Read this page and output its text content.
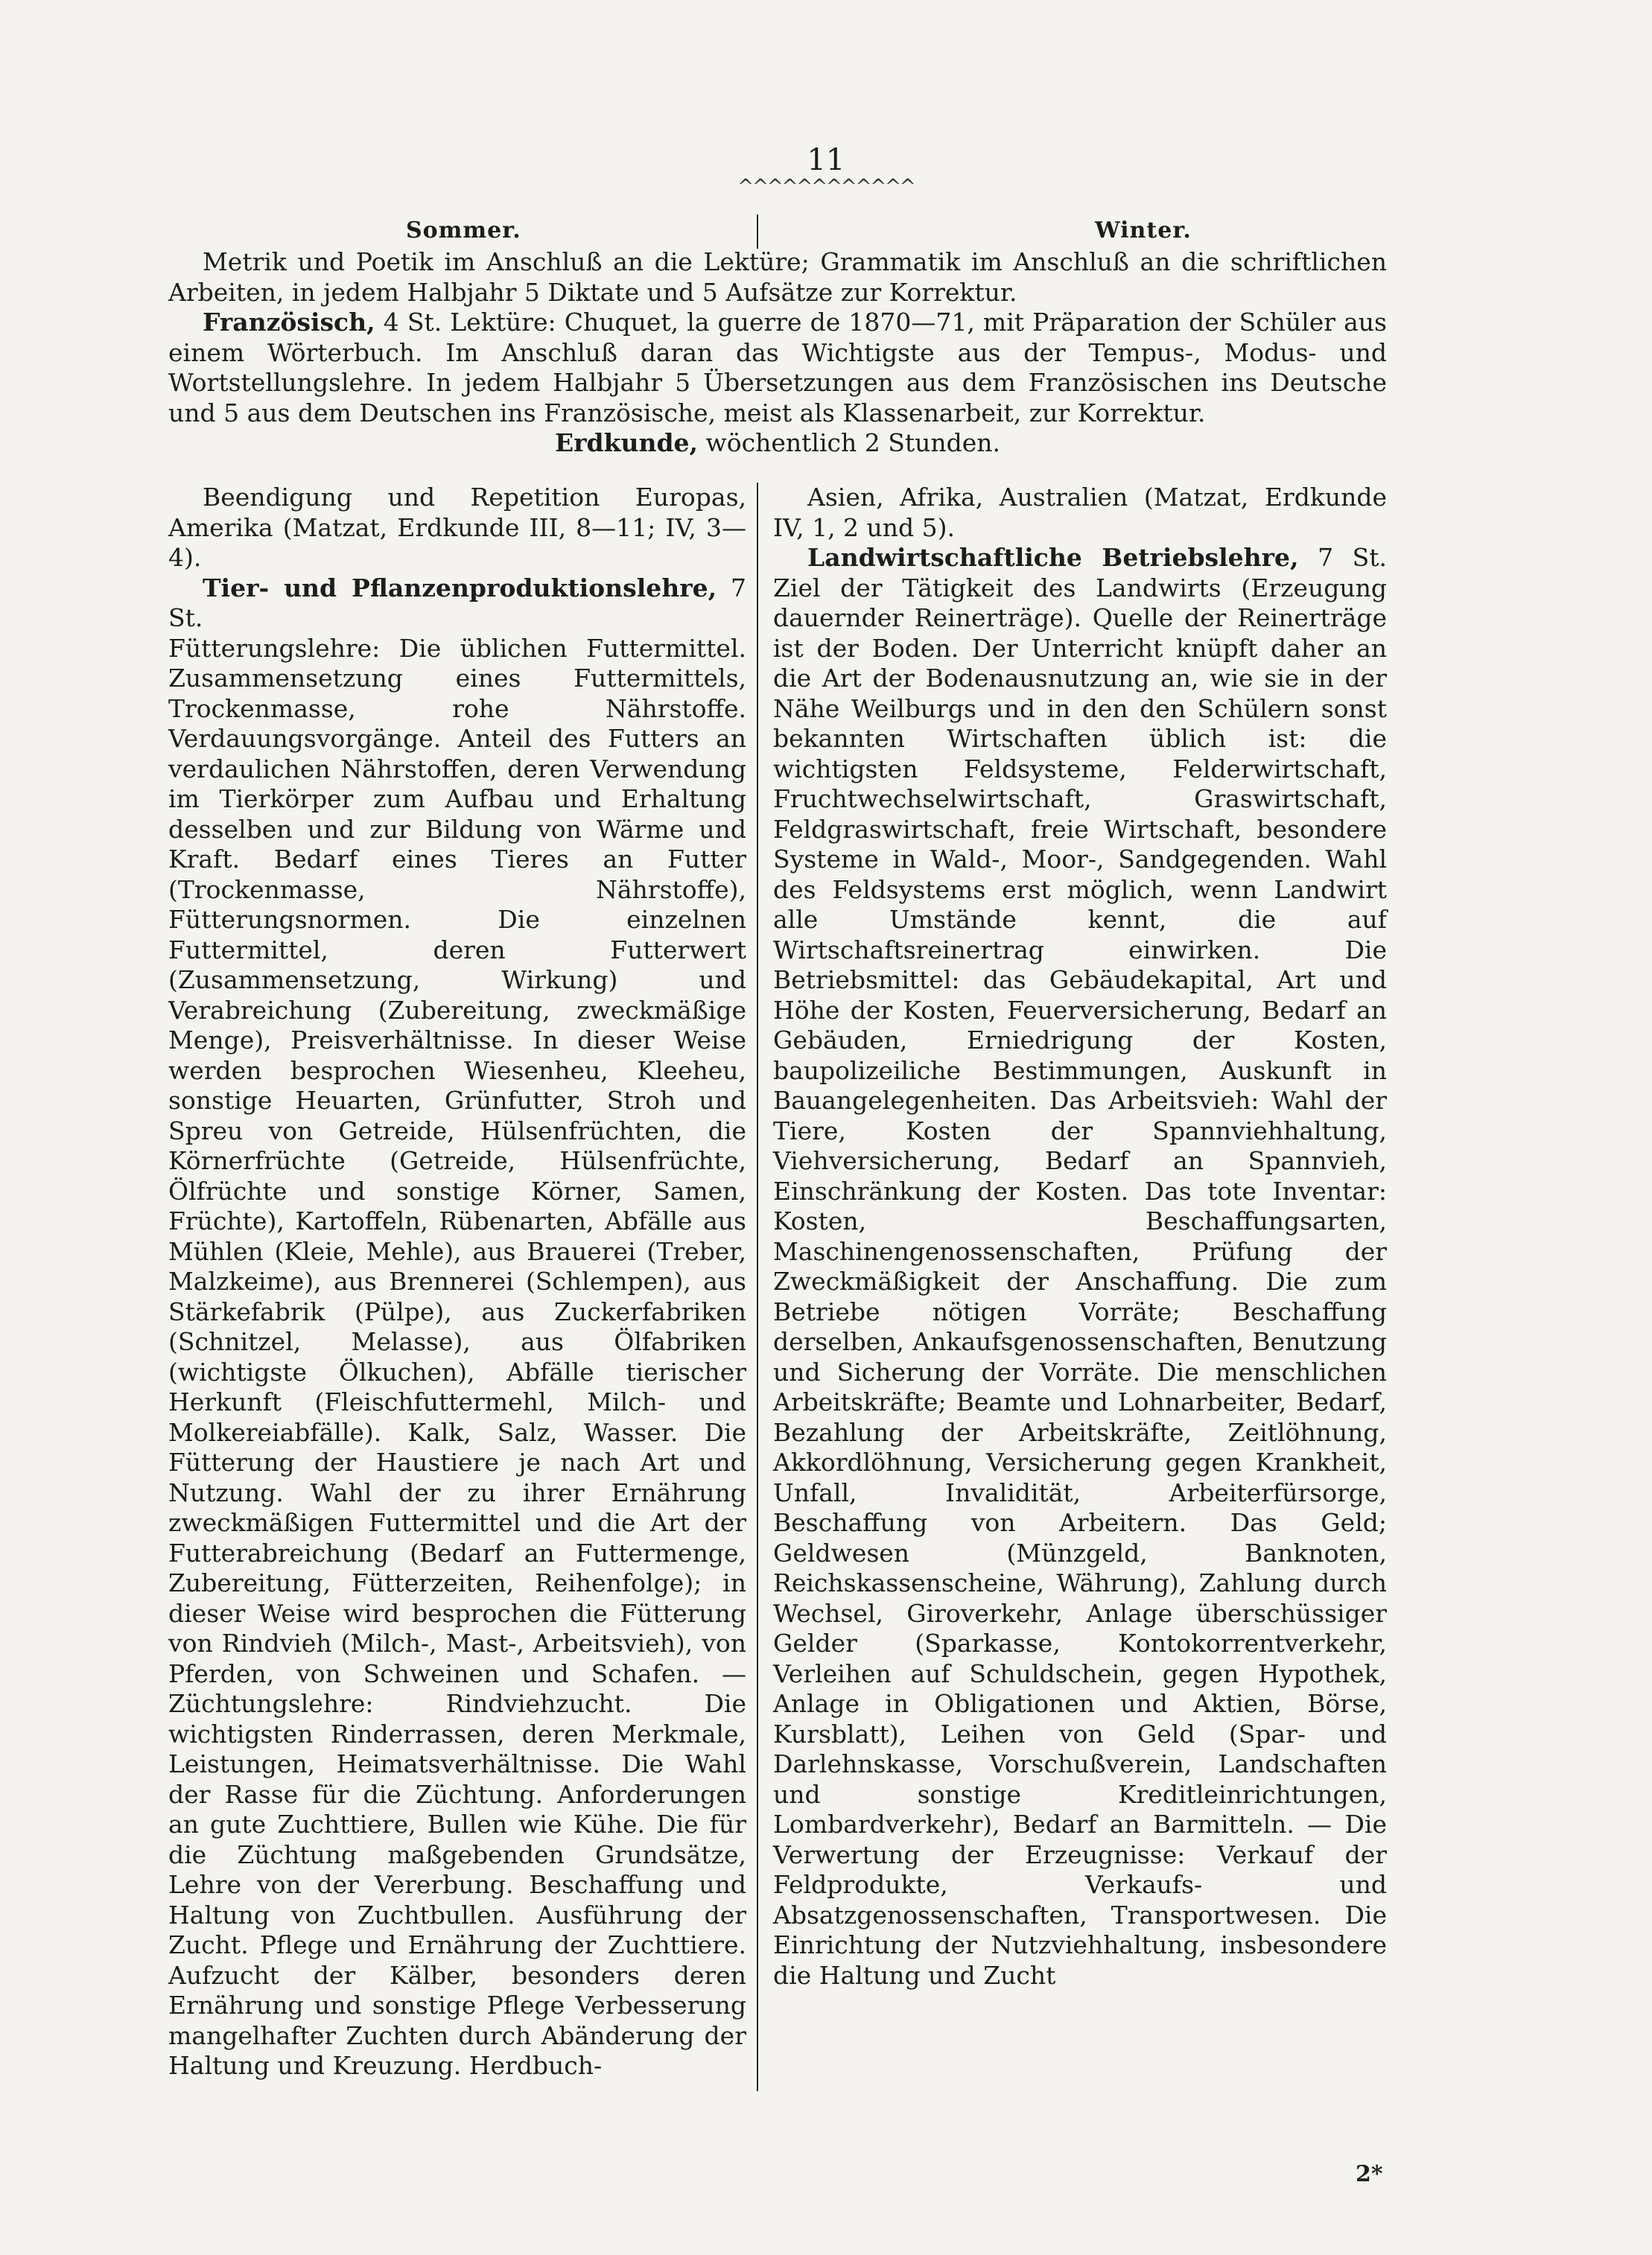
11
^^^^^^^^^^^^
Sommer.	Winter.

Metrik und Poetik im Anschluß an die Lektüre; Grammatik im Anschluß an die schriftlichen Arbeiten, in jedem Halbjahr 5 Diktate und 5 Aufsätze zur Korrektur.

Französisch, 4 St. Lektüre: Chuquet, la guerre de 1870—71, mit Präparation der Schüler aus einem Wörterbuch. Im Anschluß daran das Wichtigste aus der Tempus-, Modus- und Wortstellungslehre. In jedem Halbjahr 5 Übersetzungen aus dem Französischen ins Deutsche und 5 aus dem Deutschen ins Französische, meist als Klassenarbeit, zur Korrektur.

Erdkunde, wöchentlich 2 Stunden.

Beendigung und Repetition Europas, Amerika (Matzat, Erdkunde III, 8—11; IV, 3—4).

Tier- und Pflanzenproduktionslehre, 7 St.

Fütterungslehre: Die üblichen Futtermittel. Zusammensetzung eines Futtermittels, Trockenmasse, rohe Nährstoffe. Verdauungsvorgänge. Anteil des Futters an verdaulichen Nährstoffen, deren Verwendung im Tierkörper zum Aufbau und Erhaltung desselben und zur Bildung von Wärme und Kraft. Bedarf eines Tieres an Futter (Trockenmasse, Nährstoffe), Fütterungsnormen. Die einzelnen Futtermittel, deren Futterwert (Zusammensetzung, Wirkung) und Verabreichung (Zubereitung, zweckmäßige Menge), Preisverhältnisse. In dieser Weise werden besprochen Wiesenheu, Kleeheu, sonstige Heuarten, Grünfutter, Stroh und Spreu von Getreide, Hülsenfrüchten, die Körnerfrüchte (Getreide, Hülsenfrüchte, Ölfrüchte und sonstige Körner, Samen, Früchte), Kartoffeln, Rübenarten, Abfälle aus Mühlen (Kleie, Mehle), aus Brauerei (Treber, Malzkeime), aus Brennerei (Schlempen), aus Stärkefabrik (Pülpe), aus Zuckerfabriken (Schnitzel, Melasse), aus Ölfabriken (wichtigste Ölkuchen), Abfälle tierischer Herkunft (Fleischfuttermehl, Milch- und Molkereiabfälle). Kalk, Salz, Wasser. Die Fütterung der Haustiere je nach Art und Nutzung. Wahl der zu ihrer Ernährung zweckmäßigen Futtermittel und die Art der Futterabreichung (Bedarf an Futtermenge, Zubereitung, Fütterzeiten, Reihenfolge); in dieser Weise wird besprochen die Fütterung von Rindvieh (Milch-, Mast-, Arbeitsvieh), von Pferden, von Schweinen und Schafen. — Züchtungslehre:	Rindviehzucht. Die wichtigsten Rinderrassen, deren Merkmale, Leistungen, Heimatsverhältnisse. Die Wahl der Rasse für die Züchtung. Anforderungen an gute Zuchttiere, Bullen wie Kühe. Die für die Züchtung maßgebenden Grundsätze, Lehre von der Vererbung. Beschaffung und Haltung von Zuchtbullen. Ausführung der Zucht. Pflege und Ernährung der Zuchttiere. Aufzucht der Kälber, besonders deren Ernährung und sonstige Pflege Verbesserung mangelhafter Zuchten durch Abänderung der Haltung und Kreuzung. Herdbuch-

Asien, Afrika, Australien (Matzat, Erdkunde IV, 1, 2 und 5).

Landwirtschaftliche Betriebslehre, 7 St. Ziel der Tätigkeit des Landwirts (Erzeugung dauernder Reinerträge). Quelle der Reinerträge ist der Boden. Der Unterricht knüpft daher an die Art der Bodenausnutzung an, wie sie in der Nähe Weilburgs und in den den Schülern sonst bekannten Wirtschaften üblich ist: die wichtigsten Feldsysteme, Felderwirtschaft, Fruchtwechselwirtschaft, Graswirtschaft, Feldgraswirtschaft, freie Wirtschaft, besondere Systeme in Wald-, Moor-, Sandgegenden. Wahl des Feldsystems erst möglich, wenn Landwirt alle Umstände kennt, die auf Wirtschaftsreinertrag einwirken. Die Betriebsmittel: das Gebäudekapital, Art und Höhe der Kosten, Feuerversicherung, Bedarf an Gebäuden, Erniedrigung der Kosten, baupolizeiliche Bestimmungen, Auskunft in Bauangelegenheiten. Das Arbeitsvieh: Wahl der Tiere, Kosten der Spannviehhaltung, Viehversicherung, Bedarf an Spannvieh, Einschränkung der Kosten. Das tote Inventar: Kosten, Beschaffungsarten, Maschinengenossenschaften, Prüfung der Zweckmäßigkeit der Anschaffung. Die zum Betriebe nötigen Vorräte; Beschaffung derselben, Ankaufsgenossenschaften, Benutzung und Sicherung der Vorräte. Die menschlichen Arbeitskräfte; Beamte und Lohnarbeiter, Bedarf, Bezahlung der Arbeitskräfte, Zeitlöhnung, Akkordlöhnung, Versicherung gegen Krankheit, Unfall, Invalidität, Arbeiterfürsorge, Beschaffung von Arbeitern. Das Geld; Geldwesen (Münzgeld, Banknoten, Reichskassenscheine, Währung), Zahlung durch Wechsel, Giroverkehr, Anlage überschüssiger Gelder (Sparkasse, Kontokorrentverkehr, Verleihen auf Schuldschein, gegen Hypothek, Anlage in Obligationen und Aktien, Börse, Kursblatt), Leihen von Geld (Spar- und Darlehnskasse, Vorschußverein, Landschaften und sonstige Kreditleinrichtungen, Lombardverkehr), Bedarf an Barmitteln. — Die Verwertung der Erzeugnisse: Verkauf der Feldprodukte, Verkaufs- und Absatzgenossenschaften, Transportwesen. Die Einrichtung der Nutzviehhaltung, insbesondere die Haltung und Zucht

2*
